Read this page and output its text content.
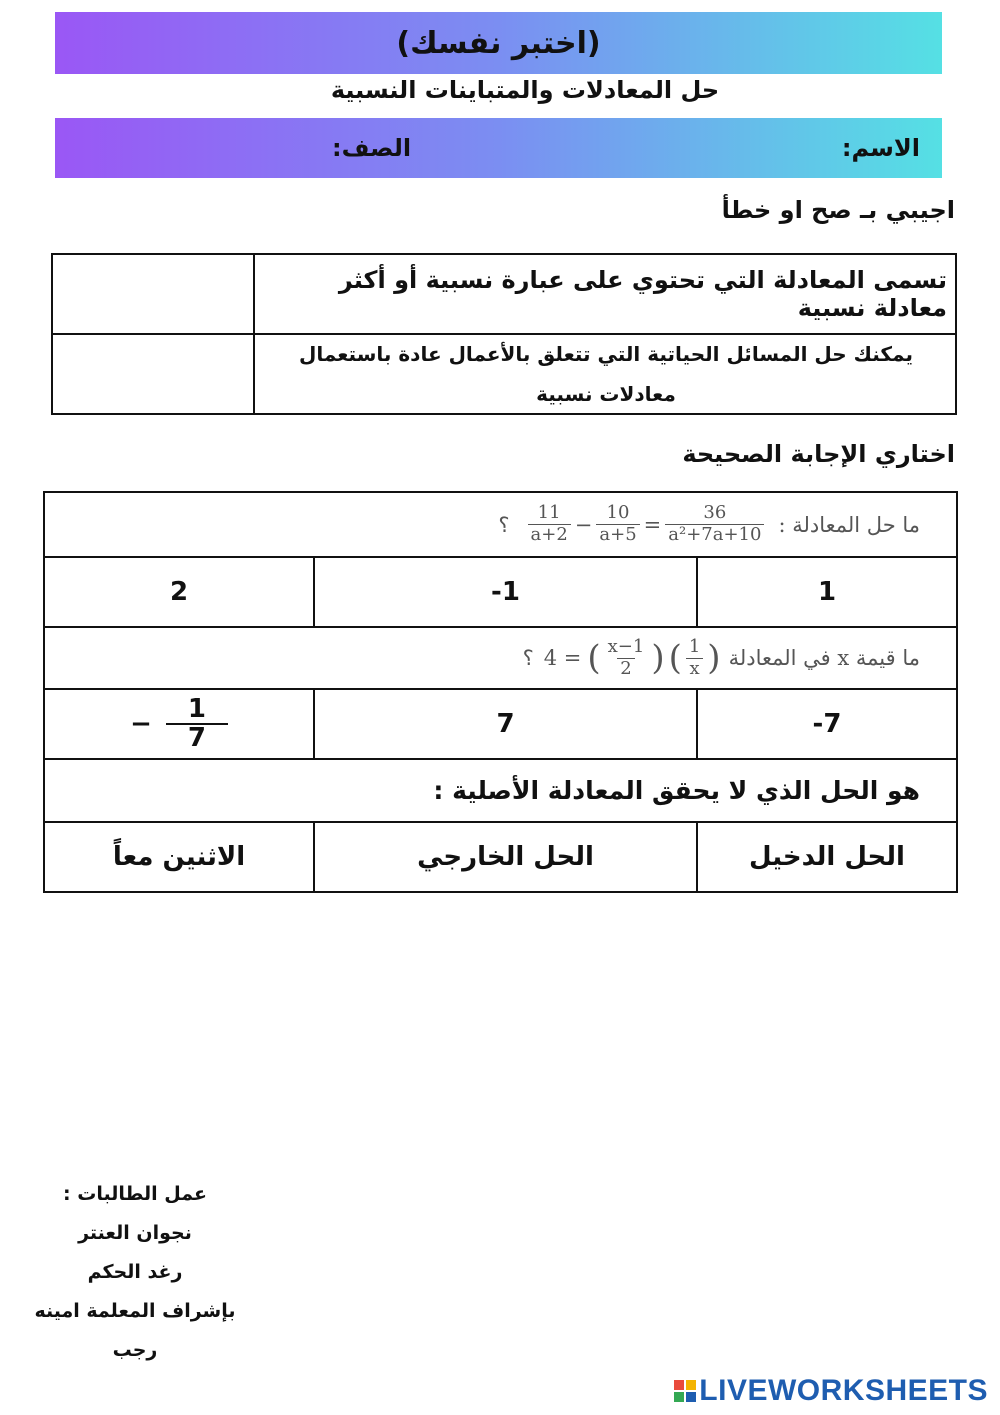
(اختبر نفسك)
حل المعادلات والمتباينات النسبية
الاسم:
الصف:
اجيبي بـ صح او خطأ
تسمى المعادلة التي تحتوي على عبارة نسبية أو أكثر معادلة نسبية
يمكنك حل المسائل الحياتية التي تتعلق بالأعمال عادة باستعمال معادلات نسبية
اختاري الإجابة الصحيحة
ما حل المعادلة :
$\frac{11}{a+2} - \frac{10}{a+5} = \frac{36}{\text{a²+7a+10}}$
؟
1
-1
2
ما قيمة x في المعادلة
4 = ( $\frac{x-1}{2}$ ) ( $\frac{1}{x}$ )
؟
-7
7
− $\frac{1}{7}$
هو الحل الذي لا يحقق المعادلة الأصلية :
الحل الدخيل
الحل الخارجي
الاثنين معاً
عمل الطالبات :
نجوان العنتر
رغد الحكم
بإشراف المعلمة امينه رجب
LIVEWORKSHEETS
